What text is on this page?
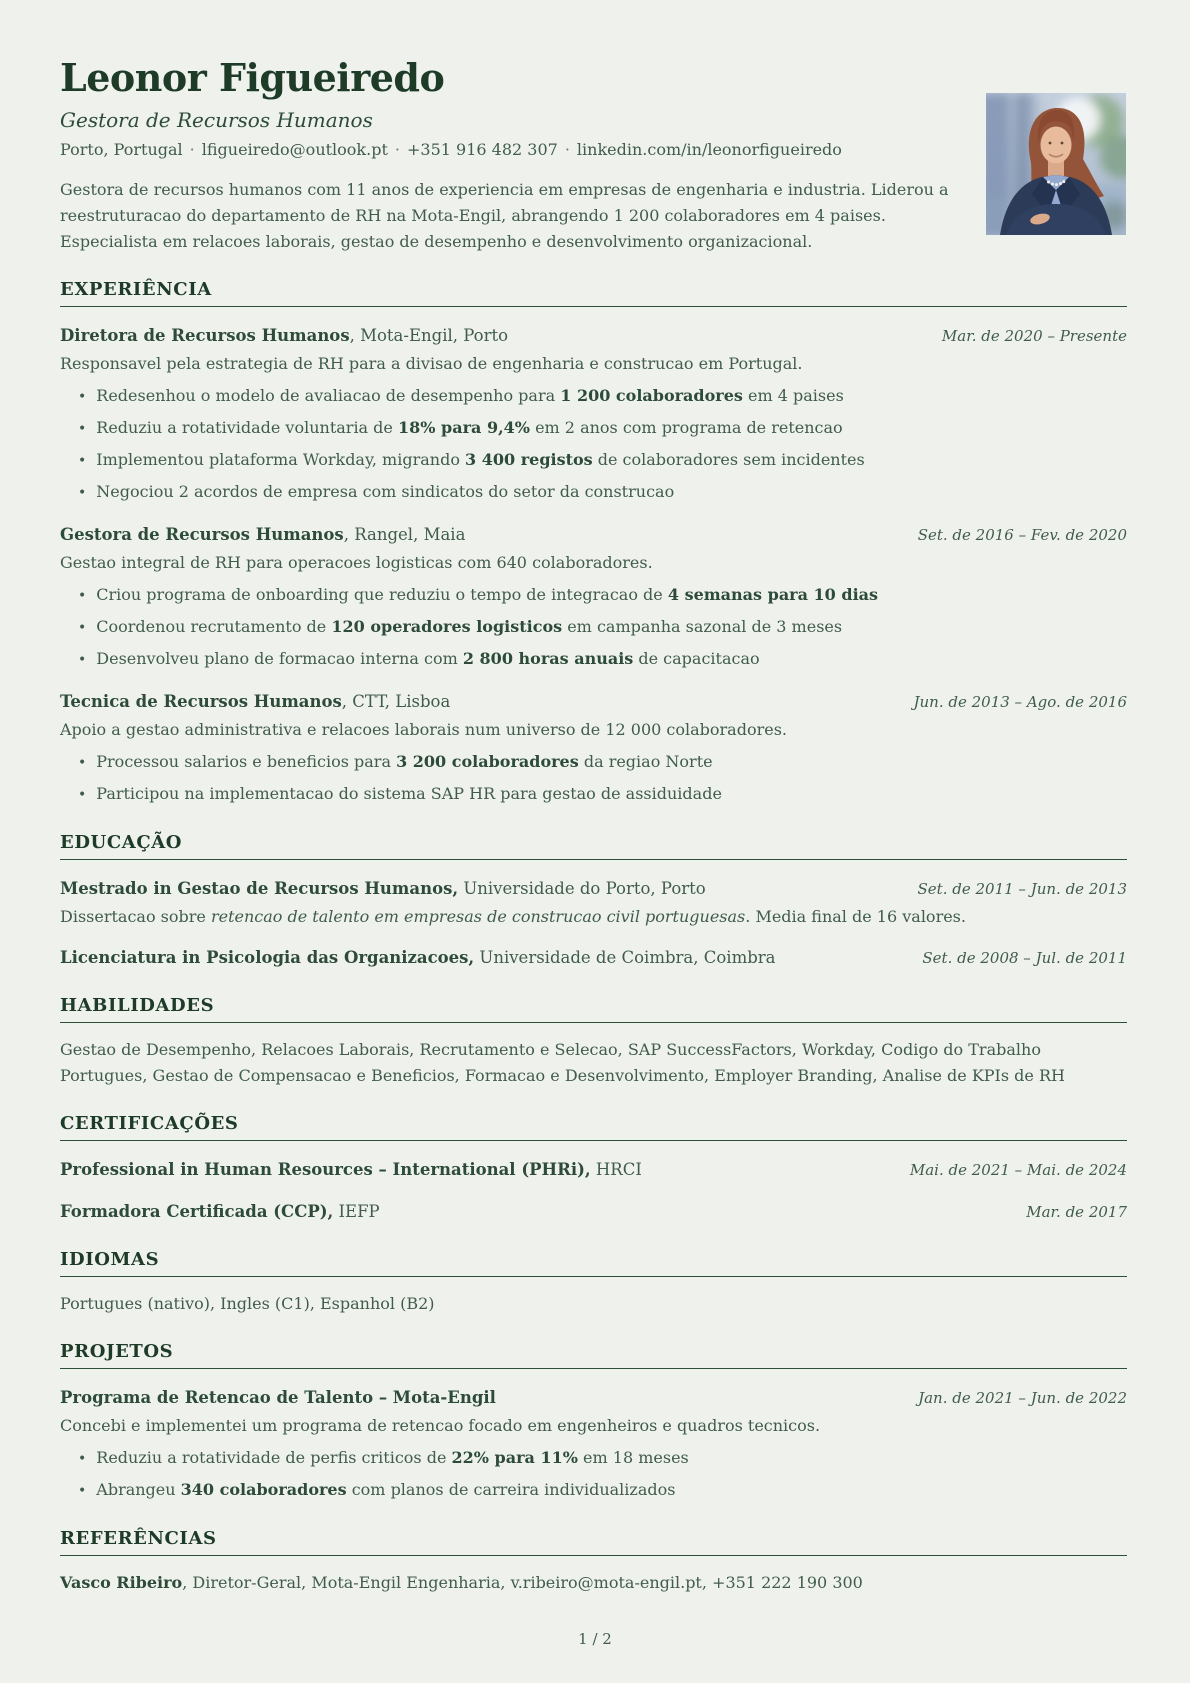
Leonor Figueiredo
Gestora de Recursos Humanos
Porto, Portugal · lfigueiredo@outlook.pt · +351 916 482 307 · linkedin.com/in/leonorfigueiredo

Gestora de recursos humanos com 11 anos de experiencia em empresas de engenharia e industria. Liderou a reestruturacao do departamento de RH na Mota-Engil, abrangendo 1 200 colaboradores em 4 paises. Especialista em relacoes laborais, gestao de desempenho e desenvolvimento organizacional.

EXPERIÊNCIA
Diretora de Recursos Humanos, Mota-Engil, Porto	Mar. de 2020 – Presente
Responsavel pela estrategia de RH para a divisao de engenharia e construcao em Portugal.
• Redesenhou o modelo de avaliacao de desempenho para 1 200 colaboradores em 4 paises
• Reduziu a rotatividade voluntaria de 18% para 9,4% em 2 anos com programa de retencao
• Implementou plataforma Workday, migrando 3 400 registos de colaboradores sem incidentes
• Negociou 2 acordos de empresa com sindicatos do setor da construcao
Gestora de Recursos Humanos, Rangel, Maia	Set. de 2016 – Fev. de 2020
Gestao integral de RH para operacoes logisticas com 640 colaboradores.
• Criou programa de onboarding que reduziu o tempo de integracao de 4 semanas para 10 dias
• Coordenou recrutamento de 120 operadores logisticos em campanha sazonal de 3 meses
• Desenvolveu plano de formacao interna com 2 800 horas anuais de capacitacao
Tecnica de Recursos Humanos, CTT, Lisboa	Jun. de 2013 – Ago. de 2016
Apoio a gestao administrativa e relacoes laborais num universo de 12 000 colaboradores.
• Processou salarios e beneficios para 3 200 colaboradores da regiao Norte
• Participou na implementacao do sistema SAP HR para gestao de assiduidade
EDUCAÇÃO
Mestrado in Gestao de Recursos Humanos, Universidade do Porto, Porto	Set. de 2011 – Jun. de 2013
Dissertacao sobre retencao de talento em empresas de construcao civil portuguesas. Media final de 16 valores.
Licenciatura in Psicologia das Organizacoes, Universidade de Coimbra, Coimbra	Set. de 2008 – Jul. de 2011
HABILIDADES

Gestao de Desempenho, Relacoes Laborais, Recrutamento e Selecao, SAP SuccessFactors, Workday, Codigo do Trabalho Portugues, Gestao de Compensacao e Beneficios, Formacao e Desenvolvimento, Employer Branding, Analise de KPIs de RH

CERTIFICAÇÕES
Professional in Human Resources – International (PHRi), HRCI	Mai. de 2021 – Mai. de 2024
Formadora Certificada (CCP), IEFP	Mar. de 2017
IDIOMAS

Portugues (nativo), Ingles (C1), Espanhol (B2)

PROJETOS
Programa de Retencao de Talento – Mota-Engil	Jan. de 2021 – Jun. de 2022
Concebi e implementei um programa de retencao focado em engenheiros e quadros tecnicos.
• Reduziu a rotatividade de perfis criticos de 22% para 11% em 18 meses
• Abrangeu 340 colaboradores com planos de carreira individualizados
REFERÊNCIAS

Vasco Ribeiro, Diretor-Geral, Mota-Engil Engenharia, v.ribeiro@mota-engil.pt, +351 222 190 300

1 / 2
